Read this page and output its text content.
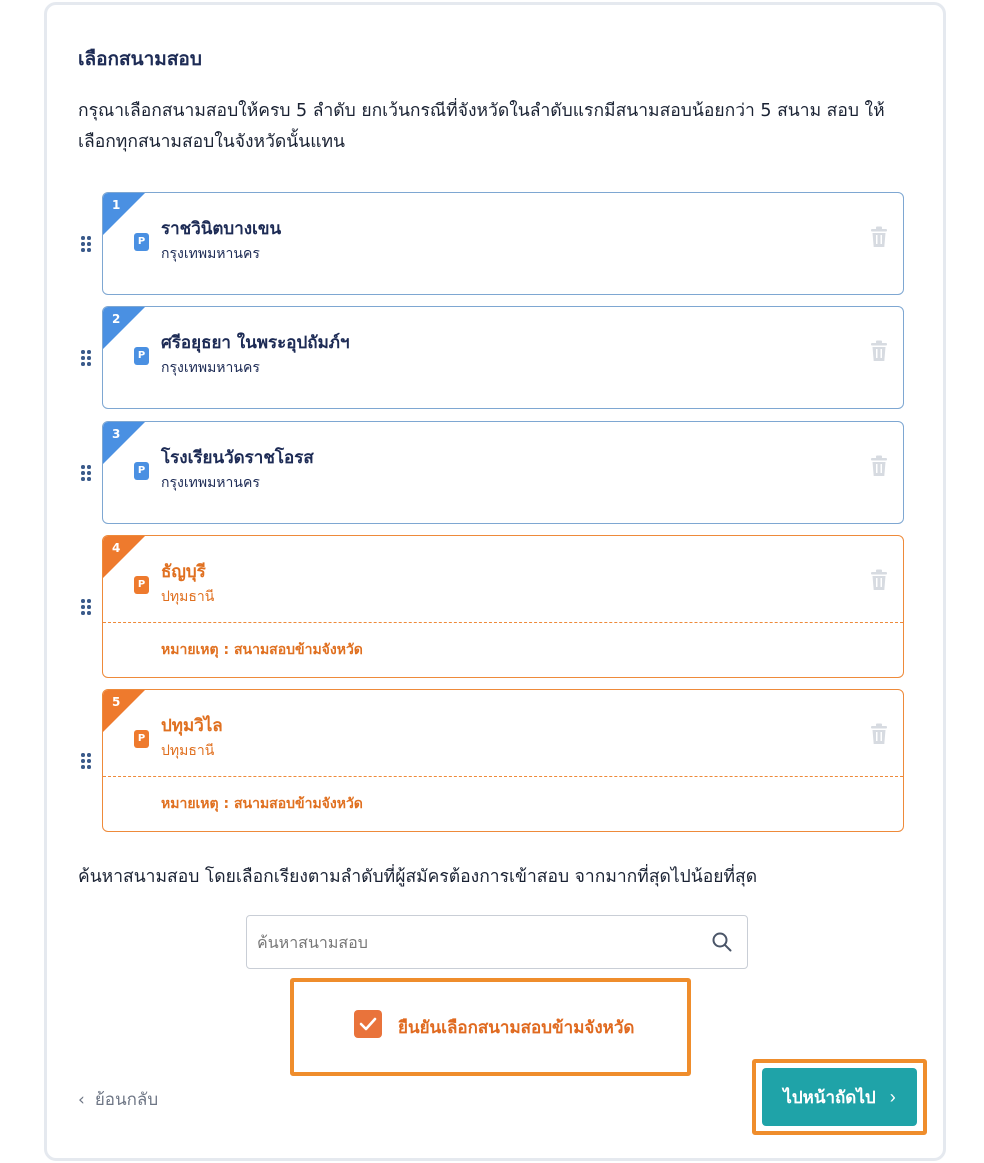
เลือกสนามสอบ
กรุณาเลือกสนามสอบให้ครบ 5 ลำดับ ยกเว้นกรณีที่จังหวัดในลำดับแรกมีสนามสอบน้อยกว่า 5 สนาม สอบ ให้เลือกทุกสนามสอบในจังหวัดนั้นแทน
1
P
ราชวินิตบางเขน
กรุงเทพมหานคร
2
P
ศรีอยุธยา ในพระอุปถัมภ์ฯ
กรุงเทพมหานคร
3
P
โรงเรียนวัดราชโอรส
กรุงเทพมหานคร
4
P
ธัญบุรี
ปทุมธานี
หมายเหตุ : สนามสอบข้ามจังหวัด
5
P
ปทุมวิไล
ปทุมธานี
หมายเหตุ : สนามสอบข้ามจังหวัด
ค้นหาสนามสอบ โดยเลือกเรียงตามลำดับที่ผู้สมัครต้องการเข้าสอบ จากมากที่สุดไปน้อยที่สุด
ค้นหาสนามสอบ
ยืนยันเลือกสนามสอบข้ามจังหวัด
‹ ย้อนกลับ	ไปหน้าถัดไป ›
